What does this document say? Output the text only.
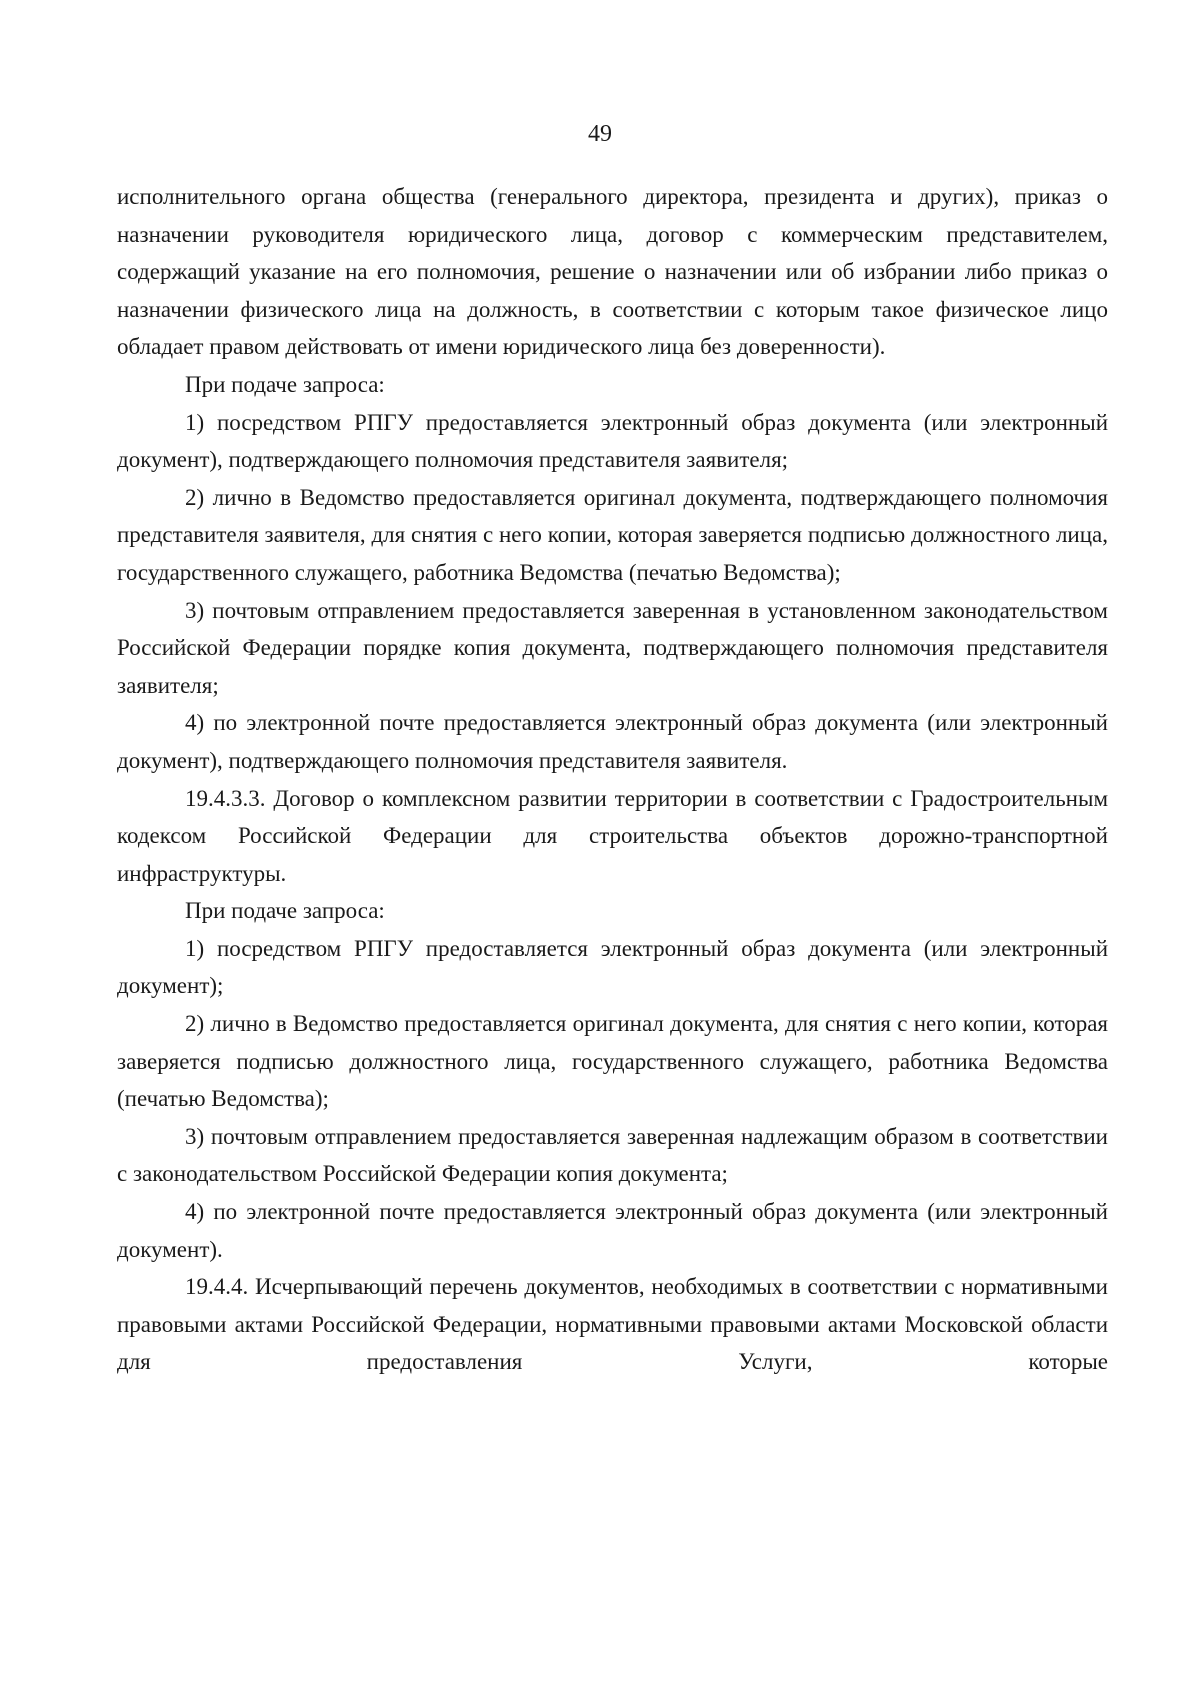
49

исполнительного органа общества (генерального директора, президента и других), приказ о назначении руководителя юридического лица, договор с коммерческим представителем, содержащий указание на его полномочия, решение о назначении или об избрании либо приказ о назначении физического лица на должность, в соответствии с которым такое физическое лицо обладает правом действовать от имени юридического лица без доверенности).

При подаче запроса:

1) посредством РПГУ предоставляется электронный образ документа (или электронный документ), подтверждающего полномочия представителя заявителя;

2) лично в Ведомство предоставляется оригинал документа, подтверждающего полномочия представителя заявителя, для снятия с него копии, которая заверяется подписью должностного лица, государственного служащего, работника Ведомства (печатью Ведомства);

3) почтовым отправлением предоставляется заверенная в установленном законодательством Российской Федерации порядке копия документа, подтверждающего полномочия представителя заявителя;

4) по электронной почте предоставляется электронный образ документа (или электронный документ), подтверждающего полномочия представителя заявителя.

19.4.3.3. Договор о комплексном развитии территории в соответствии с Градостроительным кодексом Российской Федерации для строительства объектов дорожно-транспортной инфраструктуры.

При подаче запроса:

1) посредством РПГУ предоставляется электронный образ документа (или электронный документ);

2) лично в Ведомство предоставляется оригинал документа, для снятия с него копии, которая заверяется подписью должностного лица, государственного служащего, работника Ведомства (печатью Ведомства);

3) почтовым отправлением предоставляется заверенная надлежащим образом в соответствии с законодательством Российской Федерации копия документа;

4) по электронной почте предоставляется электронный образ документа (или электронный документ).

19.4.4. Исчерпывающий перечень документов, необходимых в соответствии с нормативными правовыми актами Российской Федерации, нормативными правовыми актами Московской области для предоставления Услуги, которые
